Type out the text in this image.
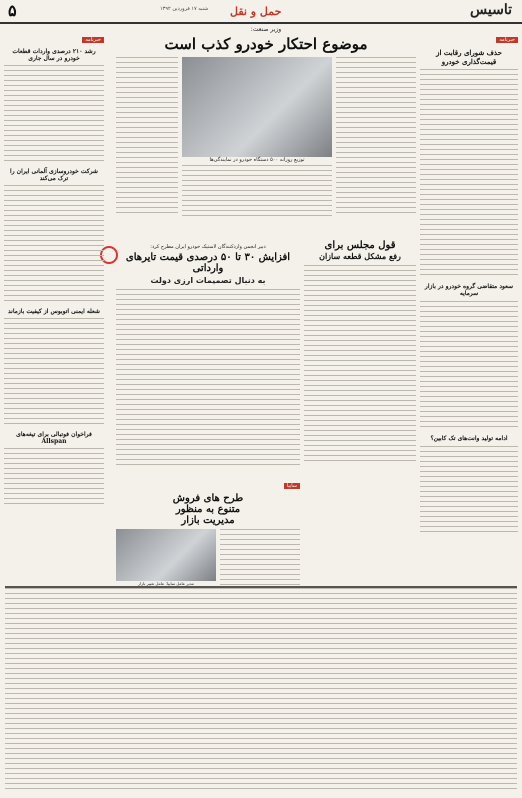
تاسیس
حمل و نقل
شنبه ۱۷ فروردین ۱۳۹۲
۵
خبرنامه
حذف شورای رقابت از قیمت‌گذاری خودرو
سعود متقاضی گروه خودرو در بازار سرمایه
ادامه تولید وانت‌های تک کابین؟
وزیر صنعت:
موضوع احتکار خودرو کذب است
توزیع روزانه ۵۰۰ دستگاه خودرو در نمایندگی‌ها
قول مجلس برای
رفع مشکل قطعه سازان
دبیر انجمن واردکنندگان لاستیک خودرو ایران مطرح کرد:
افزایش ۳۰ تا ۵۰ درصدی قیمت تایرهای وارداتی
به دنبال تصمیمات ارزی دولت
سایپا
طرح های فروش
متنوع به منظور
مدیریت بازار
مدیر عامل سایپا: عامل تغییر بازار
خبرنامه
رشد ۲۱۰ درصدی واردات قطعات خودرو در سال جاری
شرکت خودروسازی آلمانی ایران را ترک می‌کند
شعله ایمنی اتوبوس از کیفیت بازماند
فراخوان فوتبالی برای تیغه‌های Allspan
